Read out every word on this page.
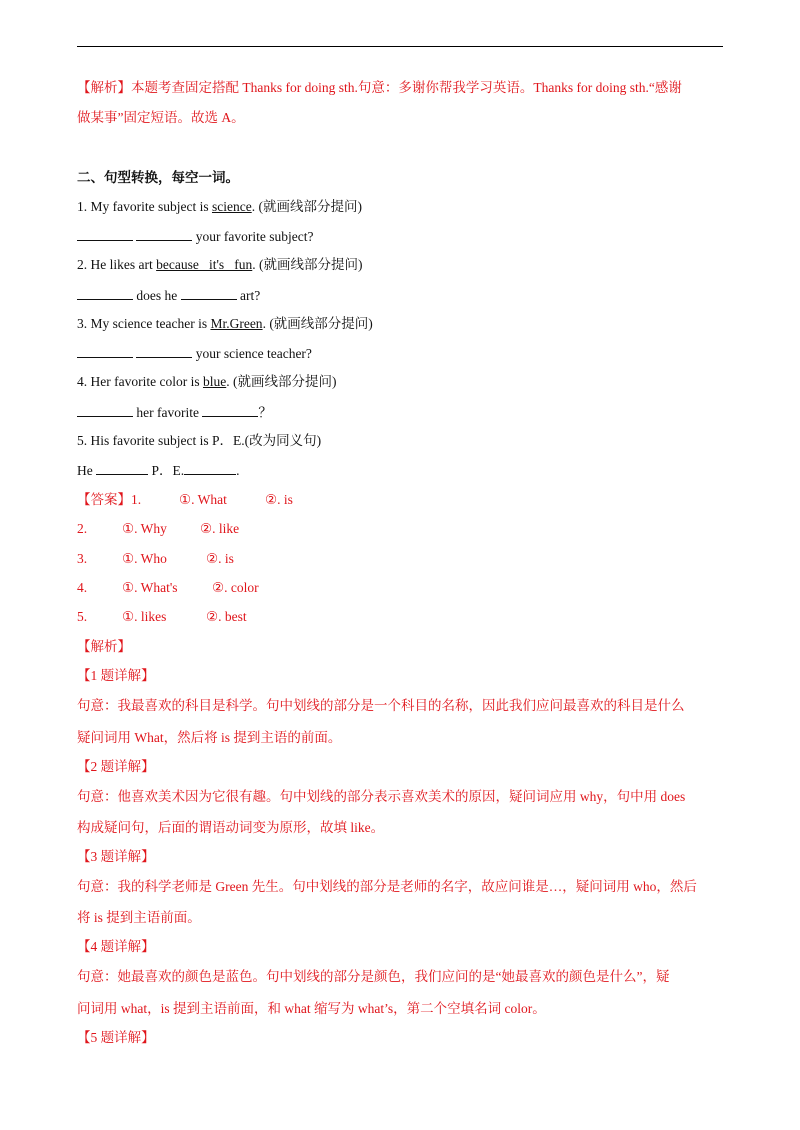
【解析】本题考查固定搭配 Thanks for doing sth.句意：多谢你帮我学习英语。Thanks for doing sth.“感谢
做某事”固定短语。故选 A。
二、句型转换，每空一词。
1. My favorite subject is science. (就画线部分提问)
your favorite subject?
2. He likes art because   it's   fun. (就画线部分提问)
does he	art?
3. My science teacher is Mr.Green. (就画线部分提问)
your science teacher?
4. Her favorite color is blue. (就画线部分提问)
her favorite	？
5. His favorite subject is P．E.(改为同义句)
He	P．E.	.
【答案】1.	①. What	②. is
2.	①. Why ②. like
3.	①. Who	②. is
4.	①. What's	②. color
5.	①. likes	②. best
【解析】
【1 题详解】
句意：我最喜欢的科目是科学。句中划线的部分是一个科目的名称，因此我们应问最喜欢的科目是什么
疑问词用 What，然后将 is 提到主语的前面。
【2 题详解】
句意：他喜欢美术因为它很有趣。句中划线的部分表示喜欢美术的原因，疑问词应用 why，句中用 does
构成疑问句，后面的谓语动词变为原形，故填 like。
【3 题详解】
句意：我的科学老师是 Green 先生。句中划线的部分是老师的名字，故应问谁是…，疑问词用 who，然后
将 is 提到主语前面。
【4 题详解】
句意：她最喜欢的颜色是蓝色。句中划线的部分是颜色，我们应问的是“她最喜欢的颜色是什么”，疑
问词用 what，is 提到主语前面，和 what 缩写为 what’s，第二个空填名词 color。
【5 题详解】
